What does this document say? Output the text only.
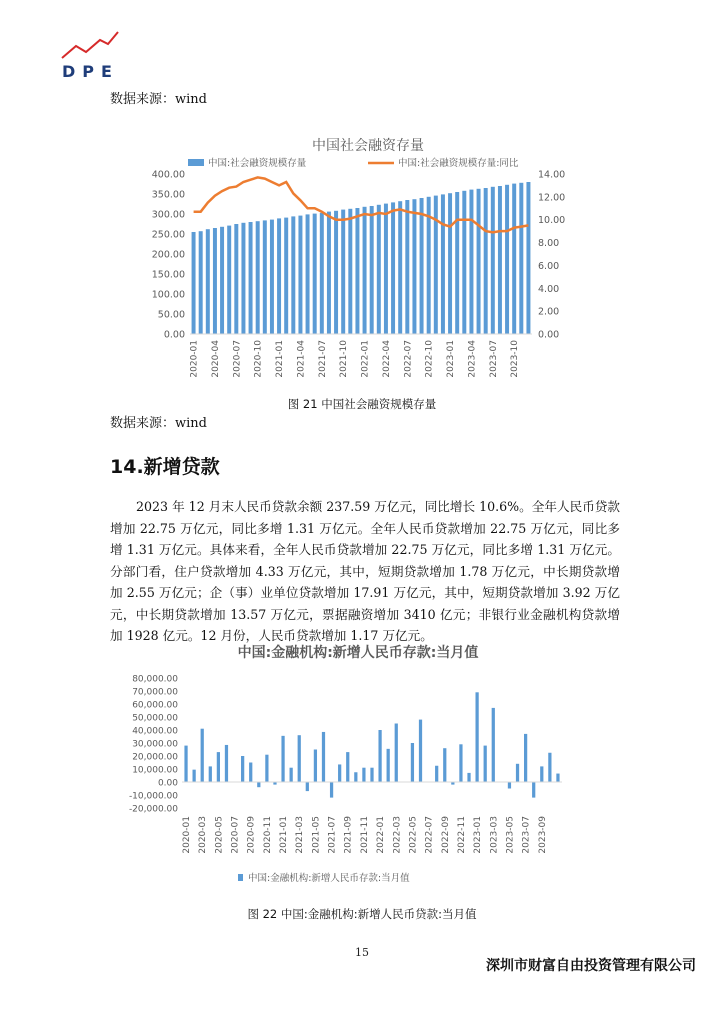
DPE
数据来源：wind
中国社会融资存量
中国:社会融资规模存量	中国:社会融资规模存量:同比
0.00
50.00
100.00
150.00
200.00
250.00
300.00
350.00
400.00
0.00
2.00
4.00
6.00
8.00
10.00
12.00
14.00
2020-01 2020-04 2020-07 2020-10 2021-01 2021-04 2021-07 2021-10 2022-01 2022-04 2022-07 2022-10 2023-01 2023-04 2023-07 2023-10
图 21 中国社会融资规模存量
数据来源：wind
14.新增贷款
2023 年 12 月末人民币贷款余额 237.59 万亿元，同比增长 10.6%。全年人民币贷款增加 22.75 万亿元，同比多增 1.31 万亿元。全年人民币贷款增加 22.75 万亿元，同比多增 1.31 万亿元。具体来看，全年人民币贷款增加 22.75 万亿元，同比多增 1.31 万亿元。分部门看，住户贷款增加 4.33 万亿元，其中，短期贷款增加 1.78 万亿元，中长期贷款增加 2.55 万亿元；企（事）业单位贷款增加 17.91 万亿元，其中，短期贷款增加 3.92 万亿元，中长期贷款增加 13.57 万亿元，票据融资增加 3410 亿元；非银行业金融机构贷款增加 1928 亿元。12 月份，人民币贷款增加 1.17 万亿元。
中国:金融机构:新增人民币存款:当月值
中国:金融机构:新增人民币存款:当月值
-20,000.00
-10,000.00
0.00
10,000.00
20,000.00
30,000.00
40,000.00
50,000.00
60,000.00
70,000.00
80,000.00
2020-01 2020-03 2020-05 2020-07 2020-09 2020-11 2021-01 2021-03 2021-05 2021-07 2021-09 2021-11 2022-01 2022-03 2022-05 2022-07 2022-09 2022-11 2023-01 2023-03 2023-05 2023-07 2023-09
图 22 中国:金融机构:新增人民币贷款:当月值
15
深圳市财富自由投资管理有限公司
